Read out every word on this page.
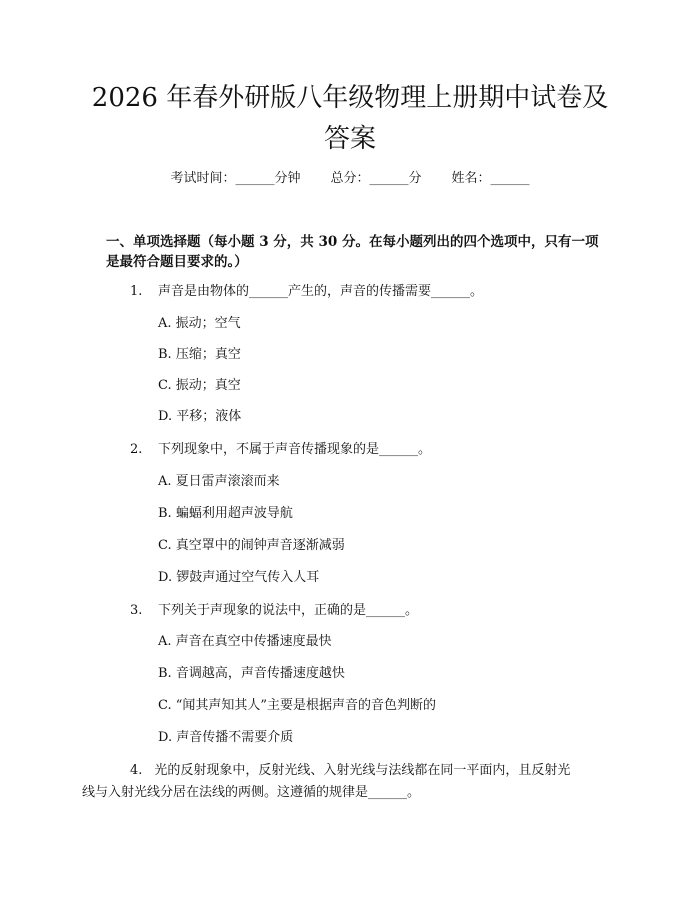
2026 年春外研版八年级物理上册期中试卷及
答案
考试时间：______分钟 总分：______分 姓名：______

一、单项选择题（每小题 3 分，共 30 分。在每小题列出的四个选项中，只有一项
是最符合题目要求的。）

1.	声音是由物体的______产生的，声音的传播需要______。
A. 振动；空气
B. 压缩；真空
C. 振动；真空
D. 平移；液体
2.	下列现象中，不属于声音传播现象的是______。
A. 夏日雷声滚滚而来
B. 蝙蝠利用超声波导航
C. 真空罩中的闹钟声音逐渐减弱
D. 锣鼓声通过空气传入人耳
3.	下列关于声现象的说法中，正确的是______。
A. 声音在真空中传播速度最快
B. 音调越高，声音传播速度越快
C. “闻其声知其人”主要是根据声音的音色判断的
D. 声音传播不需要介质
4. 光的反射现象中，反射光线、入射光线与法线都在同一平面内，且反射光
线与入射光线分居在法线的两侧。这遵循的规律是______。
